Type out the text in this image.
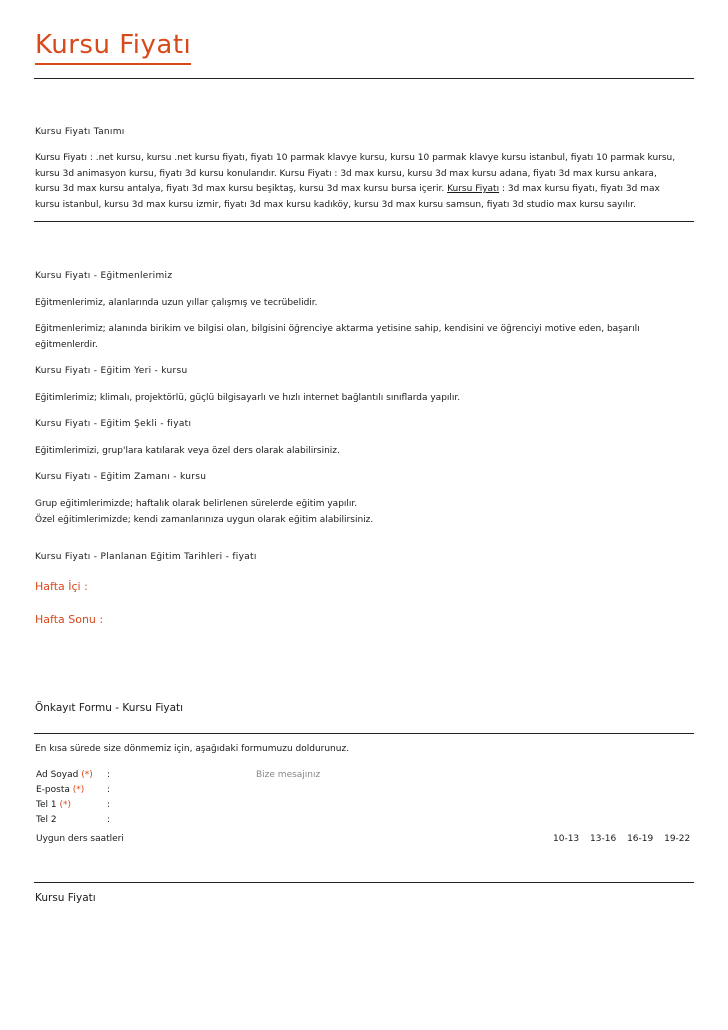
Kursu Fiyatı
Kursu Fiyatı Tanımı
Kursu Fiyatı : .net kursu, kursu .net kursu fiyatı, fiyatı 10 parmak klavye kursu, kursu 10 parmak klavye kursu istanbul, fiyatı 10 parmak kursu,
kursu 3d animasyon kursu, fiyatı 3d kursu konularıdır. Kursu Fiyatı : 3d max kursu, kursu 3d max kursu adana, fiyatı 3d max kursu ankara,
kursu 3d max kursu antalya, fiyatı 3d max kursu beşiktaş, kursu 3d max kursu bursa içerir. Kursu Fiyatı : 3d max kursu fiyatı, fiyatı 3d max
kursu istanbul, kursu 3d max kursu izmir, fiyatı 3d max kursu kadıköy, kursu 3d max kursu samsun, fiyatı 3d studio max kursu sayılır.
Kursu Fiyatı - Eğitmenlerimiz
Eğitmenlerimiz, alanlarında uzun yıllar çalışmış ve tecrübelidir.
Eğitmenlerimiz; alanında birikim ve bilgisi olan, bilgisini öğrenciye aktarma yetisine sahip, kendisini ve öğrenciyi motive eden, başarılı
eğitmenlerdir.
Kursu Fiyatı - Eğitim Yeri - kursu
Eğitimlerimiz; klimalı, projektörlü, güçlü bilgisayarlı ve hızlı internet bağlantılı sınıflarda yapılır.
Kursu Fiyatı - Eğitim Şekli - fiyatı
Eğitimlerimizi, grup'lara katılarak veya özel ders olarak alabilirsiniz.
Kursu Fiyatı - Eğitim Zamanı - kursu
Grup eğitimlerimizde; haftalık olarak belirlenen sürelerde eğitim yapılır.
Özel eğitimlerimizde; kendi zamanlarınıza uygun olarak eğitim alabilirsiniz.
Kursu Fiyatı - Planlanan Eğitim Tarihleri - fiyatı
Hafta İçi :
Hafta Sonu :
Önkayıt Formu - Kursu Fiyatı
En kısa sürede size dönmemiz için, aşağıdaki formumuzu doldurunuz.
Ad Soyad (*) :
E-posta (*)	:
Tel 1 (*)	:
Tel 2	:
Bize mesajınız
Uygun ders saatleri	10-13 13-16 16-19 19-22
Kursu Fiyatı
